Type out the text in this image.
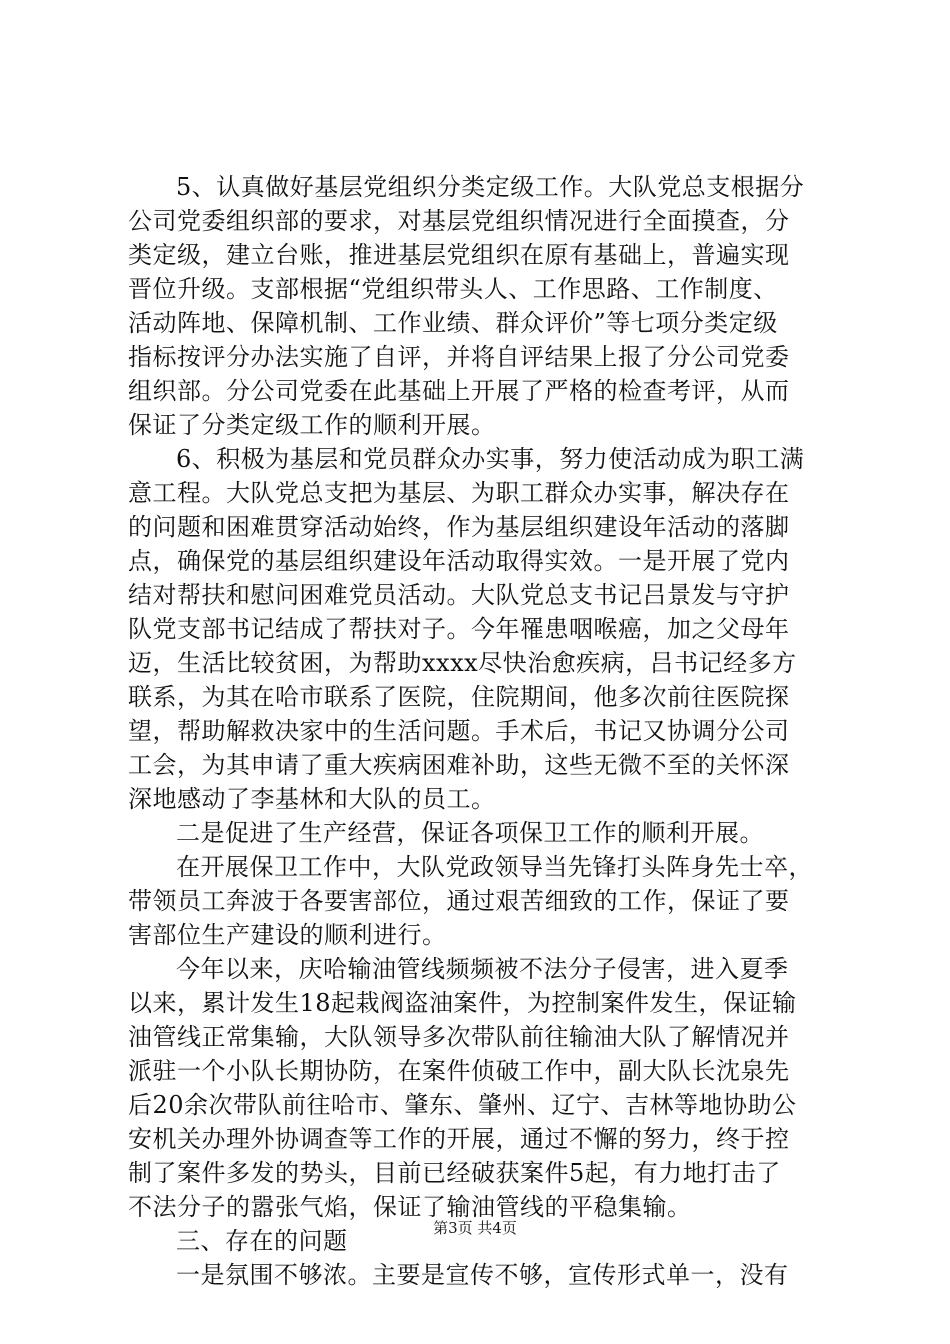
5、认真做好基层党组织分类定级工作。大队党总支根据分
公司党委组织部的要求，对基层党组织情况进行全面摸查，分
类定级，建立台账，推进基层党组织在原有基础上，普遍实现
晋位升级。支部根据“党组织带头人、工作思路、工作制度、
活动阵地、保障机制、工作业绩、群众评价”等七项分类定级
指标按评分办法实施了自评，并将自评结果上报了分公司党委
组织部。分公司党委在此基础上开展了严格的检查考评，从而
保证了分类定级工作的顺利开展。
6、积极为基层和党员群众办实事，努力使活动成为职工满
意工程。大队党总支把为基层、为职工群众办实事，解决存在
的问题和困难贯穿活动始终，作为基层组织建设年活动的落脚
点，确保党的基层组织建设年活动取得实效。一是开展了党内
结对帮扶和慰问困难党员活动。大队党总支书记吕景发与守护
队党支部书记结成了帮扶对子。今年罹患咽喉癌，加之父母年
迈，生活比较贫困，为帮助xxxx尽快治愈疾病，吕书记经多方
联系，为其在哈市联系了医院，住院期间，他多次前往医院探
望，帮助解救决家中的生活问题。手术后，书记又协调分公司
工会，为其申请了重大疾病困难补助，这些无微不至的关怀深
深地感动了李基林和大队的员工。
二是促进了生产经营，保证各项保卫工作的顺利开展。
在开展保卫工作中，大队党政领导当先锋打头阵身先士卒，
带领员工奔波于各要害部位，通过艰苦细致的工作，保证了要
害部位生产建设的顺利进行。
今年以来，庆哈输油管线频频被不法分子侵害，进入夏季
以来，累计发生18起栽阀盗油案件，为控制案件发生，保证输
油管线正常集输，大队领导多次带队前往输油大队了解情况并
派驻一个小队长期协防，在案件侦破工作中，副大队长沈泉先
后20余次带队前往哈市、肇东、肇州、辽宁、吉林等地协助公
安机关办理外协调查等工作的开展，通过不懈的努力，终于控
制了案件多发的势头，目前已经破获案件5起，有力地打击了
不法分子的嚣张气焰，保证了输油管线的平稳集输。
三、存在的问题
一是氛围不够浓。主要是宣传不够，宣传形式单一，没有
第3页 共4页
